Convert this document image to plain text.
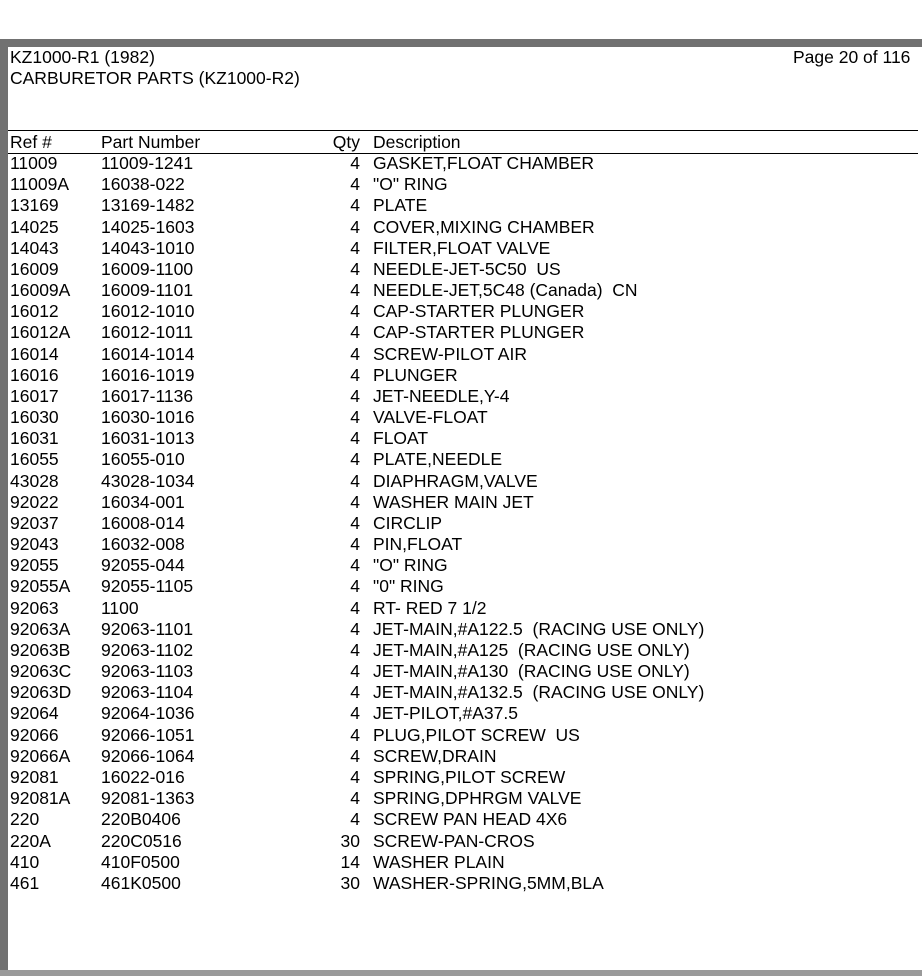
KZ1000-R1 (1982)
CARBURETOR PARTS (KZ1000-R2)
Page 20 of 116
Ref #	Part Number	Qty Description
11009 11009-1241	4 GASKET,FLOAT CHAMBER
11009A 16038-022	4 "O" RING
13169 13169-1482	4 PLATE
14025 14025-1603	4 COVER,MIXING CHAMBER
14043 14043-1010	4 FILTER,FLOAT VALVE
16009 16009-1100	4 NEEDLE-JET-5C50  US
16009A 16009-1101	4 NEEDLE-JET,5C48 (Canada)  CN
16012 16012-1010	4 CAP-STARTER PLUNGER
16012A 16012-1011	4 CAP-STARTER PLUNGER
16014 16014-1014	4 SCREW-PILOT AIR
16016 16016-1019	4 PLUNGER
16017 16017-1136	4 JET-NEEDLE,Y-4
16030 16030-1016	4 VALVE-FLOAT
16031 16031-1013	4 FLOAT
16055 16055-010	4 PLATE,NEEDLE
43028 43028-1034	4 DIAPHRAGM,VALVE
92022 16034-001	4 WASHER MAIN JET
92037 16008-014	4 CIRCLIP
92043 16032-008	4 PIN,FLOAT
92055 92055-044	4 "O" RING
92055A 92055-1105	4 "0" RING
92063 1100	4 RT- RED 7 1/2
92063A 92063-1101	4 JET-MAIN,#A122.5  (RACING USE ONLY)
92063B 92063-1102	4 JET-MAIN,#A125  (RACING USE ONLY)
92063C 92063-1103	4 JET-MAIN,#A130  (RACING USE ONLY)
92063D 92063-1104	4 JET-MAIN,#A132.5  (RACING USE ONLY)
92064 92064-1036	4 JET-PILOT,#A37.5
92066 92066-1051	4 PLUG,PILOT SCREW  US
92066A 92066-1064	4 SCREW,DRAIN
92081 16022-016	4 SPRING,PILOT SCREW
92081A 92081-1363	4 SPRING,DPHRGM VALVE
220	220B0406	4 SCREW PAN HEAD 4X6
220A	220C0516	30 SCREW-PAN-CROS
410	410F0500	14 WASHER PLAIN
461	461K0500	30 WASHER-SPRING,5MM,BLA
